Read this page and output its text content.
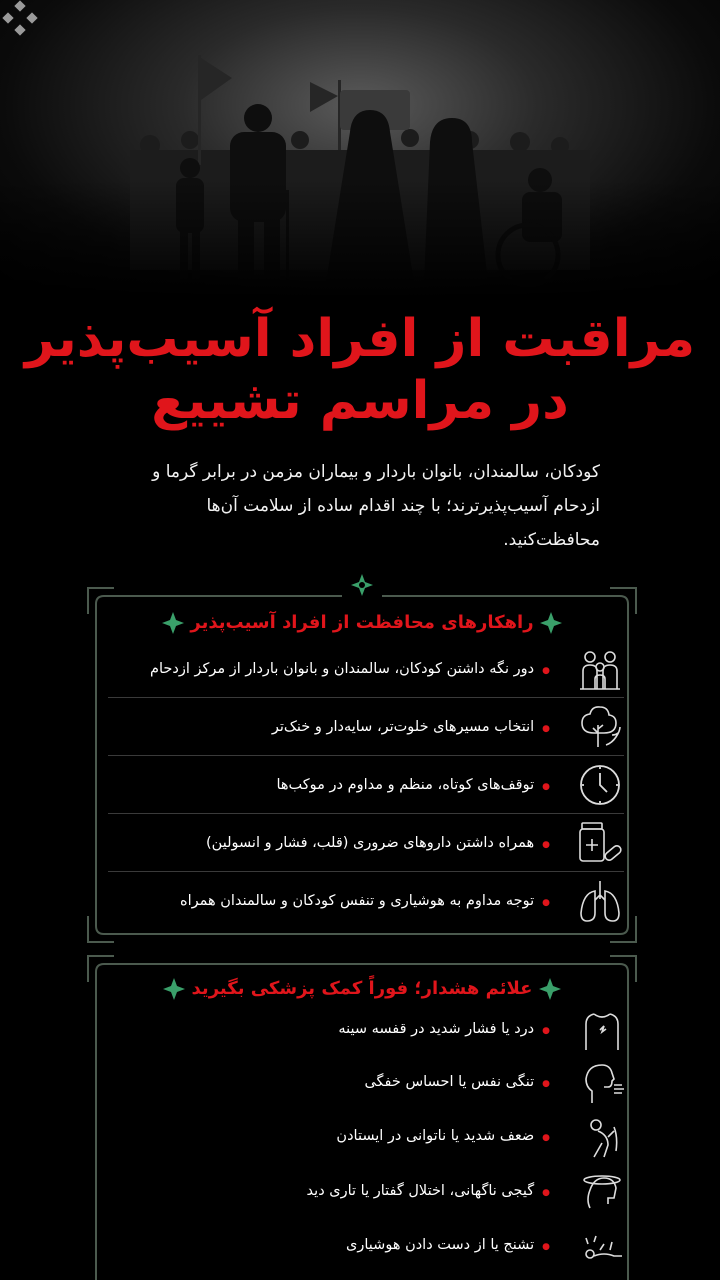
مراقبت از افراد آسیب‌پذیر
در مراسم تشییع
کودکان، سالمندان، بانوان باردار و بیماران مزمن در برابر گرما و ازدحام آسیب‌پذیرترند؛ با چند اقدام ساده از سلامت آن‌ها محافظت‌کنید.
راهکارهای محافظت از افراد آسیب‌پذیر
● دور نگه داشتن کودکان، سالمندان و بانوان باردار از مرکز ازدحام
● انتخاب مسیرهای خلوت‌تر، سایه‌دار و خنک‌تر
● توقف‌های کوتاه، منظم و مداوم در موکب‌ها
● همراه داشتن داروهای ضروری (قلب، فشار و انسولین)
● توجه مداوم به هوشیاری و تنفس کودکان و سالمندان همراه
علائم هشدار؛ فوراً کمک پزشکی بگیرید
● درد یا فشار شدید در قفسه سینه
● تنگی نفس یا احساس خفگی
● ضعف شدید یا ناتوانی در ایستادن
● گیجی ناگهانی، اختلال گفتار یا تاری دید
● تشنج یا از دست دادن هوشیاری
